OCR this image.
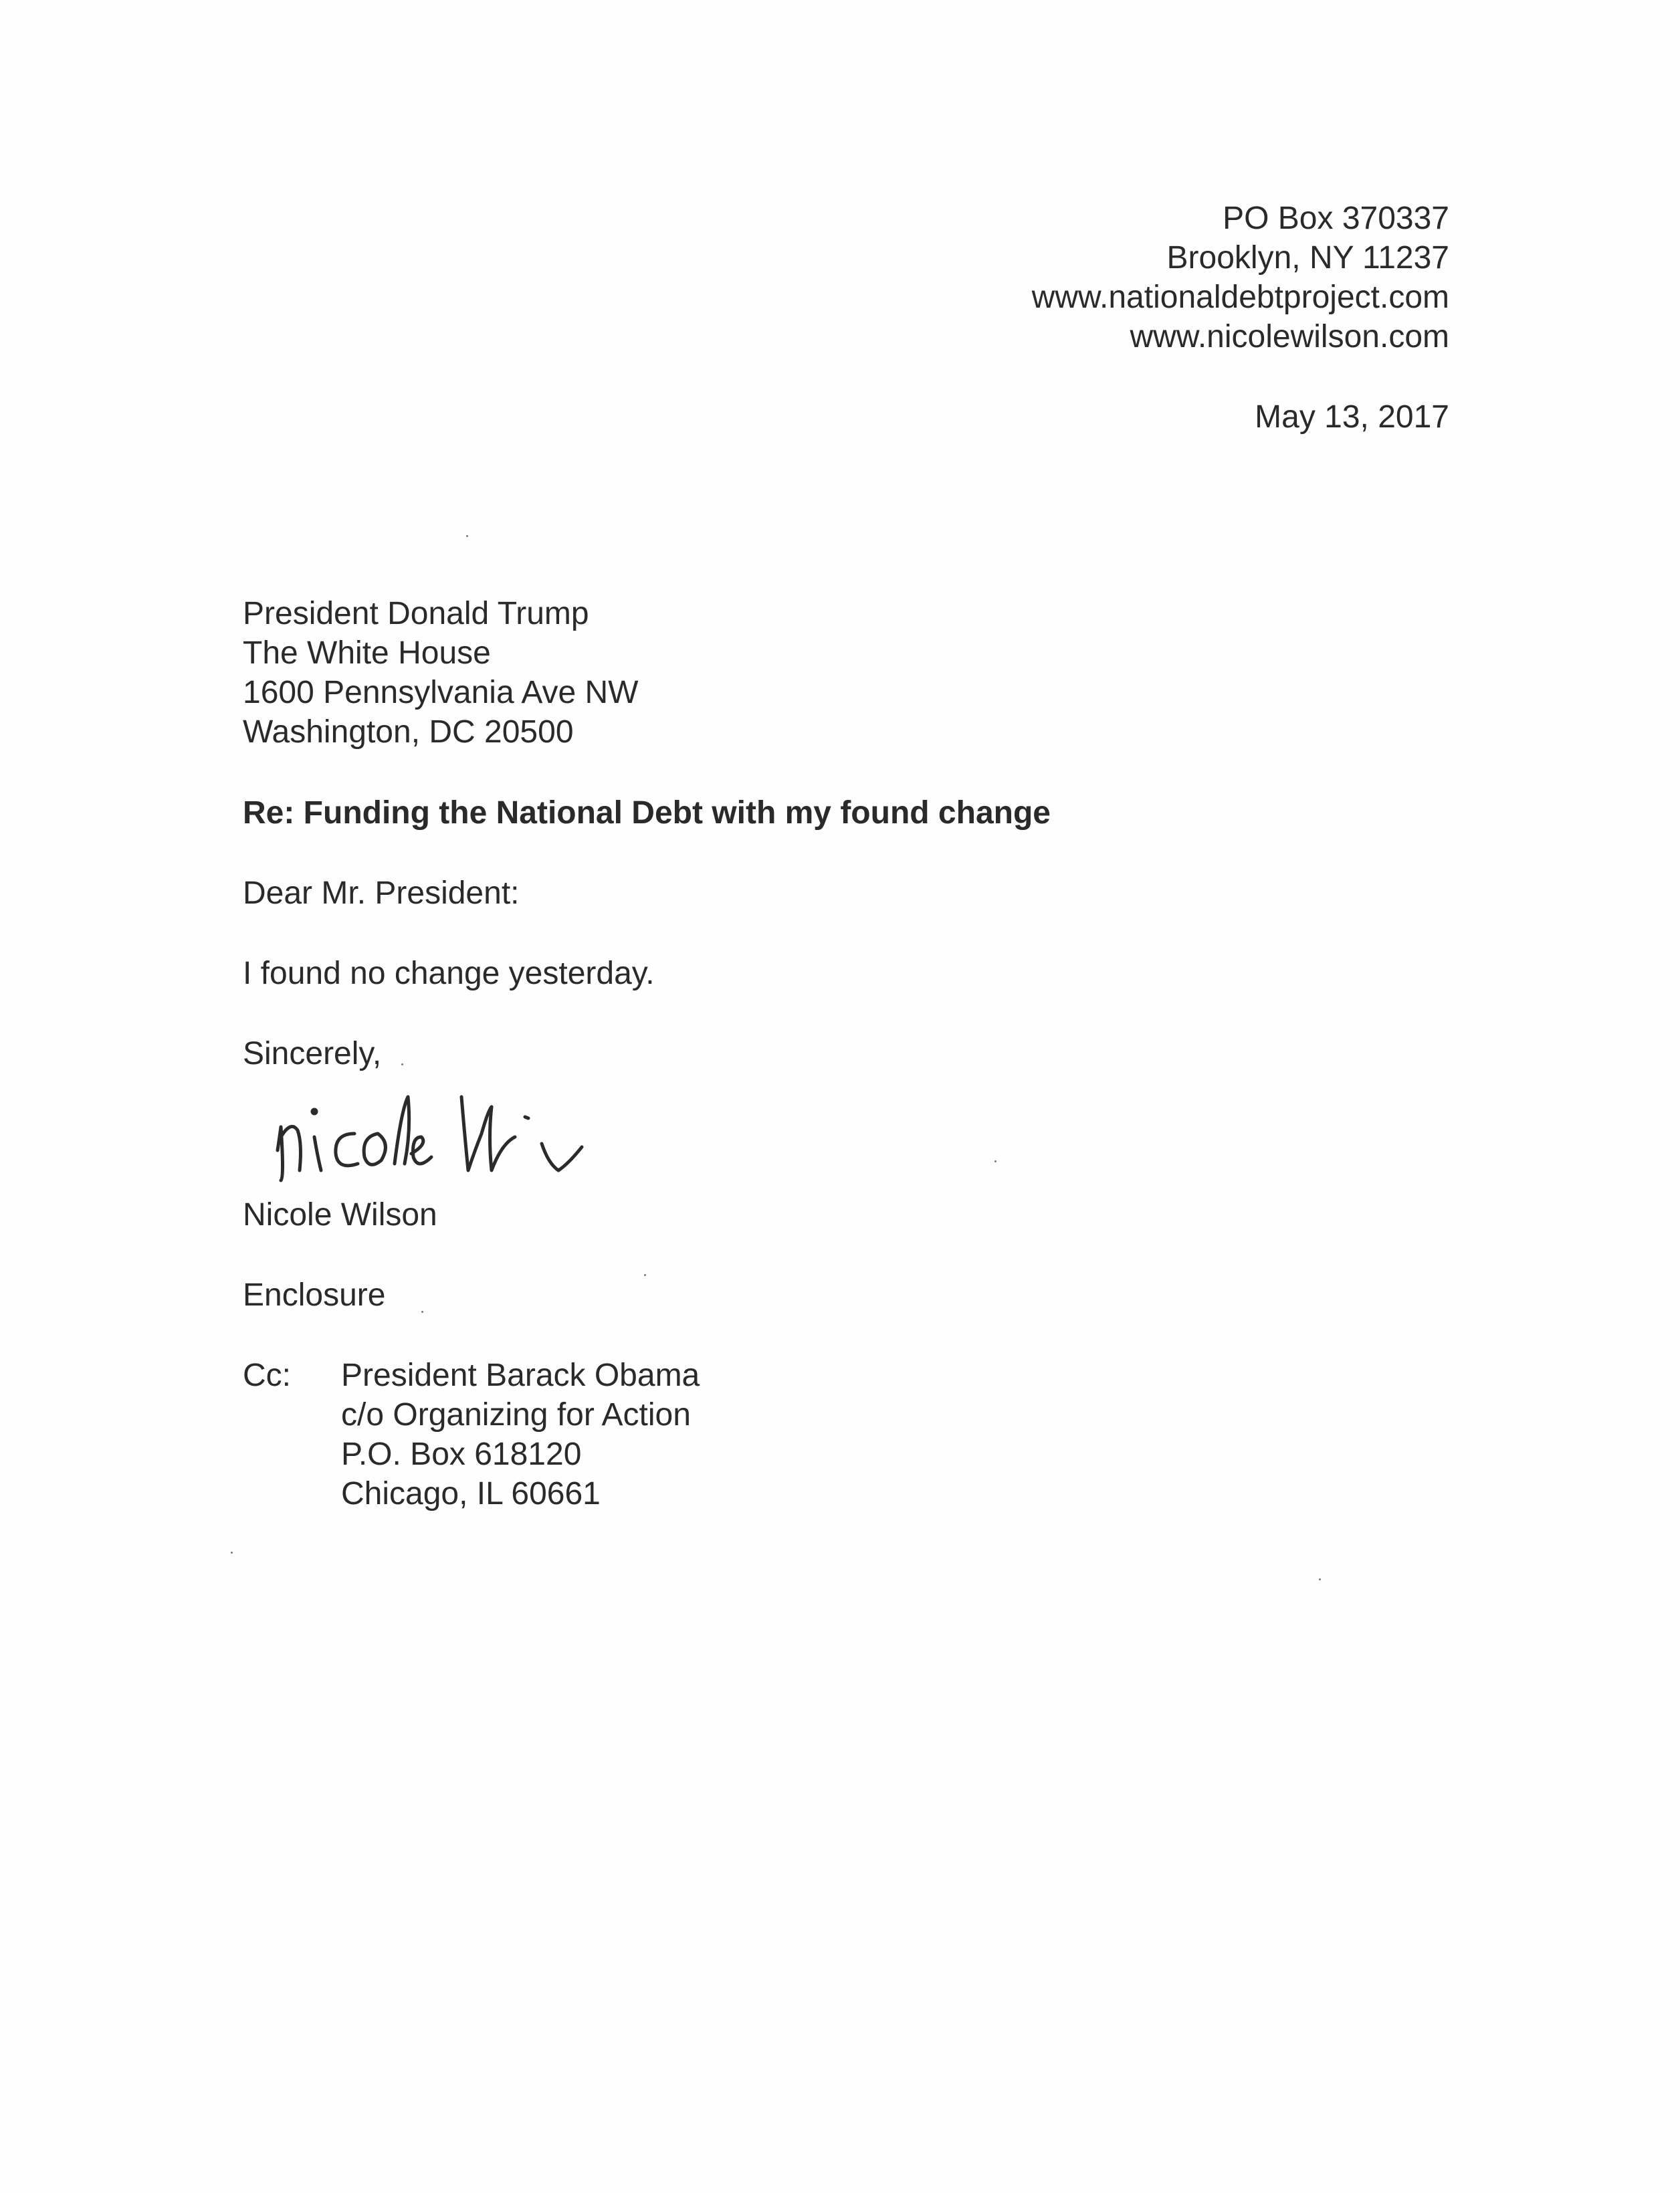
PO Box 370337

Brooklyn, NY 11237

www.nationaldebtproject.com

www.nicolewilson.com

May 13, 2017

President Donald Trump

The White House

1600 Pennsylvania Ave NW

Washington, DC 20500

Re: Funding the National Debt with my found change

Dear Mr. President:

I found no change yesterday.

Sincerely,

Nicole Wilson

Enclosure

Cc: President Barack Obama

c/o Organizing for Action

P.O. Box 618120

Chicago, IL 60661
